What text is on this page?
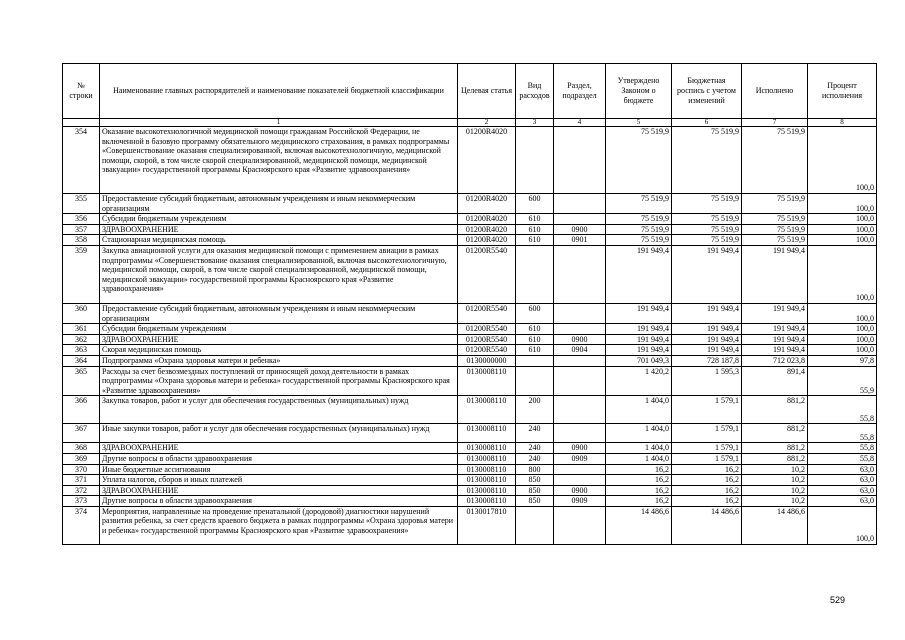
№ строки	Наименование главных распорядителей и наименование показателей бюджетной классификации	Целевая статья	Вид расходов	Раздел, подраздел	Утверждено Законом о бюджете	Бюджетная роспись с учетом изменений	Исполнено	Процент исполнения
	1	2	3	4	5	6	7	8
354	Оказание высокотехнологичной медицинской помощи гражданам Российской Федерации, не включенной в базовую программу обязательного медицинского страхования, в рамках подпрограммы «Совершенствование оказания специализированной, включая высокотехнологичную, медицинской помощи, скорой, в том числе скорой специализированной, медицинской помощи, медицинской эвакуации» государственной программы Красноярского края «Развитие здравоохранения»	01200R4020			75 519,9	75 519,9	75 519,9	100,0
355	Предоставление субсидий бюджетным, автономным учреждениям и иным некоммерческим организациям	01200R4020	600		75 519,9	75 519,9	75 519,9	100,0
356	Субсидии бюджетным учреждениям	01200R4020	610		75 519,9	75 519,9	75 519,9	100,0
357	ЗДРАВООХРАНЕНИЕ	01200R4020	610	0900	75 519,9	75 519,9	75 519,9	100,0
358	Стационарная медицинская помощь	01200R4020	610	0901	75 519,9	75 519,9	75 519,9	100,0
359	Закупка авиационной услуги для оказания медицинской помощи с применением авиации в рамках подпрограммы «Совершенствование оказания специализированной, включая высокотехнологичную, медицинской помощи, скорой, в том числе скорой специализированной, медицинской помощи, медицинской эвакуации» государственной программы Красноярского края «Развитие здравоохранения»	01200R5540			191 949,4	191 949,4	191 949,4	100,0
360	Предоставление субсидий бюджетным, автономным учреждениям и иным некоммерческим организациям	01200R5540	600		191 949,4	191 949,4	191 949,4	100,0
361	Субсидии бюджетным учреждениям	01200R5540	610		191 949,4	191 949,4	191 949,4	100,0
362	ЗДРАВООХРАНЕНИЕ	01200R5540	610	0900	191 949,4	191 949,4	191 949,4	100,0
363	Скорая медицинская помощь	01200R5540	610	0904	191 949,4	191 949,4	191 949,4	100,0
364	Подпрограмма «Охрана здоровья матери и ребенка»	0130000000			701 049,3	728 187,8	712 023,8	97,8
365	Расходы за счет безвозмездных поступлений от приносящей доход деятельности в рамках подпрограммы «Охрана здоровья матери и ребенка» государственной программы Красноярского края «Развитие здравоохранения»	0130008110			1 420,2	1 595,3	891,4	55,9
366	Закупка товаров, работ и услуг для обеспечения государственных (муниципальных) нужд	0130008110	200		1 404,0	1 579,1	881,2	55,8
367	Иные закупки товаров, работ и услуг для обеспечения государственных (муниципальных) нужд	0130008110	240		1 404,0	1 579,1	881,2	55,8
368	ЗДРАВООХРАНЕНИЕ	0130008110	240	0900	1 404,0	1 579,1	881,2	55,8
369	Другие вопросы в области здравоохранения	0130008110	240	0909	1 404,0	1 579,1	881,2	55,8
370	Иные бюджетные ассигнования	0130008110	800		16,2	16,2	10,2	63,0
371	Уплата налогов, сборов и иных платежей	0130008110	850		16,2	16,2	10,2	63,0
372	ЗДРАВООХРАНЕНИЕ	0130008110	850	0900	16,2	16,2	10,2	63,0
373	Другие вопросы в области здравоохранения	0130008110	850	0909	16,2	16,2	10,2	63,0
374	Мероприятия, направленные на проведение пренатальной (дородовой) диагностики нарушений развития ребенка, за счет средств краевого бюджета в рамках подпрограммы «Охрана здоровья матери и ребенка» государственной программы Красноярского края «Развитие здравоохранения»	0130017810			14 486,6	14 486,6	14 486,6	100,0
529
